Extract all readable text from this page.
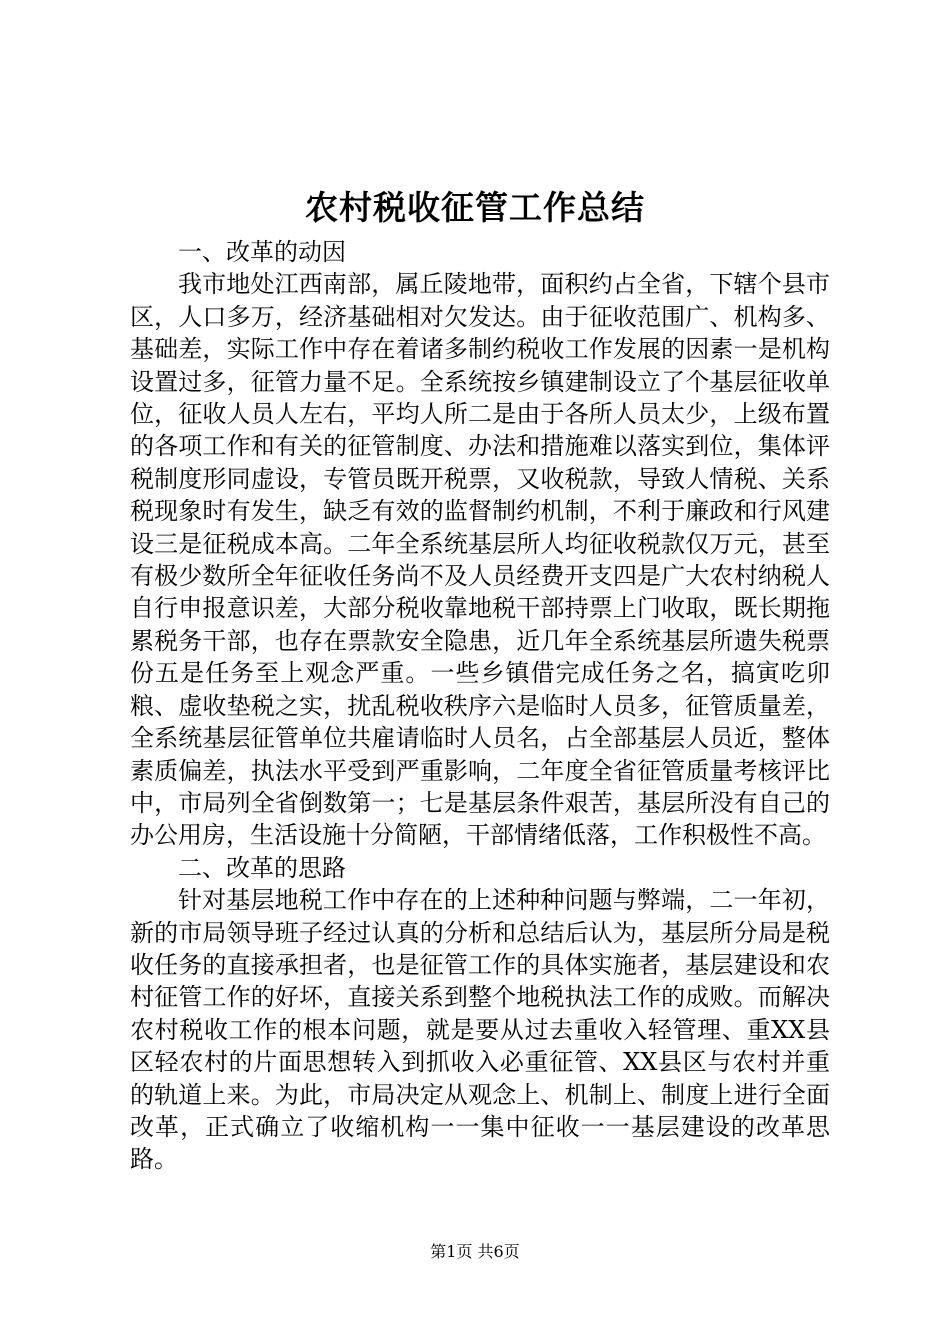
农村税收征管工作总结

一、改革的动因

我市地处江西南部，属丘陵地带，面积约占全省，下辖个县市区，人口多万，经济基础相对欠发达。由于征收范围广、机构多、基础差，实际工作中存在着诸多制约税收工作发展的因素一是机构设置过多，征管力量不足。全系统按乡镇建制设立了个基层征收单位，征收人员人左右，平均人所二是由于各所人员太少，上级布置的各项工作和有关的征管制度、办法和措施难以落实到位，集体评税制度形同虚设，专管员既开税票，又收税款，导致人情税、关系税现象时有发生，缺乏有效的监督制约机制，不利于廉政和行风建设三是征税成本高。二年全系统基层所人均征收税款仅万元，甚至有极少数所全年征收任务尚不及人员经费开支四是广大农村纳税人自行申报意识差，大部分税收靠地税干部持票上门收取，既长期拖累税务干部，也存在票款安全隐患，近几年全系统基层所遗失税票份五是任务至上观念严重。一些乡镇借完成任务之名，搞寅吃卯粮、虚收垫税之实，扰乱税收秩序六是临时人员多，征管质量差，全系统基层征管单位共雇请临时人员名，占全部基层人员近，整体素质偏差，执法水平受到严重影响，二年度全省征管质量考核评比中，市局列全省倒数第一；七是基层条件艰苦，基层所没有自己的办公用房，生活设施十分简陋，干部情绪低落，工作积极性不高。

二、改革的思路

针对基层地税工作中存在的上述种种问题与弊端，二一年初，新的市局领导班子经过认真的分析和总结后认为，基层所分局是税收任务的直接承担者，也是征管工作的具体实施者，基层建设和农村征管工作的好坏，直接关系到整个地税执法工作的成败。而解决农村税收工作的根本问题，就是要从过去重收入轻管理、重XX县区轻农村的片面思想转入到抓收入必重征管、XX县区与农村并重的轨道上来。为此，市局决定从观念上、机制上、制度上进行全面改革，正式确立了收缩机构一一集中征收一一基层建设的改革思路。

第1页 共6页
